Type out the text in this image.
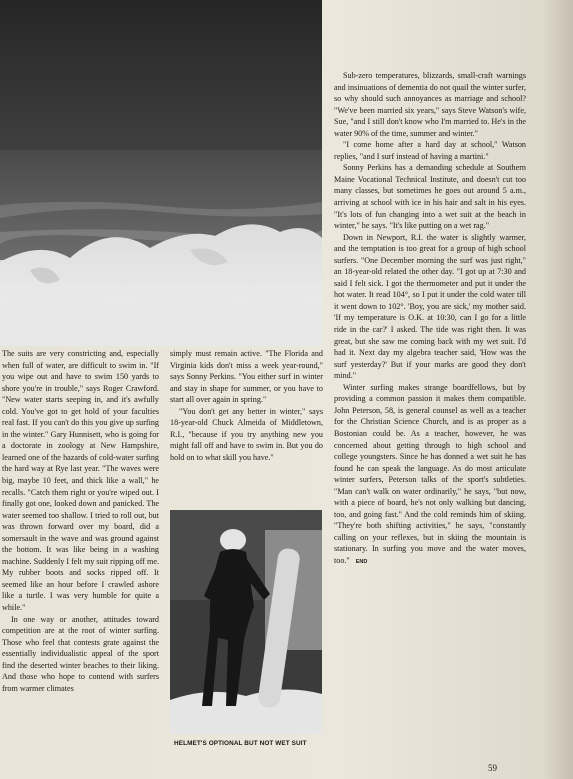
The suits are very constricting and, especially when full of water, are difficult to swim in. "If you wipe out and have to swim 150 yards to shore you're in trouble," says Roger Crawford. "New water starts seeping in, and it's awfully cold. You've got to get hold of your faculties real fast. If you can't do this you give up surfing in the winter." Gary Hunnisett, who is going for a doctorate in zoology at New Hampshire, learned one of the hazards of cold-water surfing the hard way at Rye last year. "The waves were big, maybe 10 feet, and thick like a wall," he recalls. "Catch them right or you're wiped out. I finally got one, looked down and panicked. The water seemed too shallow. I tried to roll out, but was thrown forward over my board, did a somersault in the wave and was ground against the bottom. It was like being in a washing machine. Suddenly I felt my suit ripping off me. My rubber boots and socks ripped off. It seemed like an hour before I crawled ashore like a turtle. I was very humble for quite a while."

In one way or another, attitudes toward competition are at the root of winter surfing. Those who feel that contests grate against the essentially individualistic appeal of the sport find the deserted winter beaches to their liking. And those who hope to contend with surfers from warmer climates

simply must remain active. "The Florida and Virginia kids don't miss a week year-round," says Sonny Perkins. "You either surf in winter and stay in shape for summer, or you have to start all over again in spring."

"You don't get any better in winter," says 18-year-old Chuck Almeida of Middletown, R.I., "because if you try anything new you might fall off and have to swim in. But you do hold on to what skill you have."

HELMET'S OPTIONAL BUT NOT WET SUIT

Sub-zero temperatures, blizzards, small-craft warnings and insinuations of dementia do not quail the winter surfer, so why should such annoyances as marriage and school? "We've been married six years," says Steve Watson's wife, Sue, "and I still don't know who I'm married to. He's in the water 90% of the time, summer and winter."

"I come home after a hard day at school," Watson replies, "and I surf instead of having a martini."

Sonny Perkins has a demanding schedule at Southern Maine Vocational Technical Institute, and doesn't cut too many classes, but sometimes he goes out around 5 a.m., arriving at school with ice in his hair and salt in his eyes. "It's lots of fun changing into a wet suit at the beach in winter," he says. "It's like putting on a wet rag."

Down in Newport, R.I. the water is slightly warmer, and the temptation is too great for a group of high school surfers. "One December morning the surf was just right," an 18-year-old related the other day. "I got up at 7:30 and said I felt sick. I got the thermometer and put it under the hot water. It read 104°, so I put it under the cold water till it went down to 102°. 'Boy, you are sick,' my mother said. 'If my temperature is O.K. at 10:30, can I go for a little ride in the car?' I asked. The tide was right then. It was great, but she saw me coming back with my wet suit. I'd had it. Next day my algebra teacher said, 'How was the surf yesterday?' But if your marks are good they don't mind."

Winter surfing makes strange boardfellows, but by providing a common passion it makes them compatible. John Peterson, 58, is general counsel as well as a teacher for the Christian Science Church, and is as proper as a Bostonian could be. As a teacher, however, he was concerned about getting through to high school and college youngsters. Since he has donned a wet suit he has found he can speak the language. As do most articulate winter surfers, Peterson talks of the sport's subtleties. "Man can't walk on water ordinarily," he says, "but now, with a piece of board, he's not only walking but dancing, too, and going fast." And the cold reminds him of skiing. "They're both shifting activities," he says, "constantly calling on your reflexes, but in skiing the mountain is stationary. In surfing you move and the water moves, too." END

59
